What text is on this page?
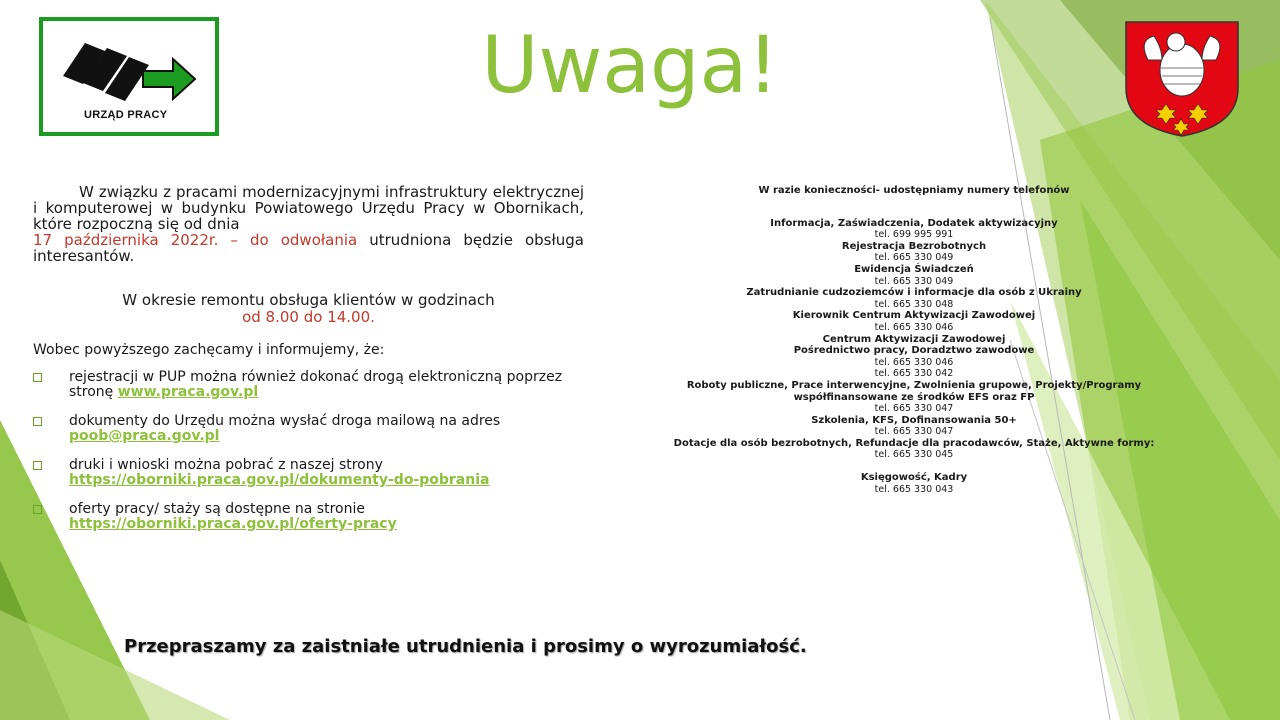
URZĄD PRACY
Uwaga!
W związku z pracami modernizacyjnymi infrastruktury elektrycznej i komputerowej w budynku Powiatowego Urzędu Pracy w Obornikach, które rozpoczną się od dnia
17 października 2022r. – do odwołania utrudniona będzie obsługa interesantów.
W okresie remontu obsługa klientów w godzinach
od 8.00 do 14.00.
Wobec powyższego zachęcamy i informujemy, że:
rejestracji w PUP można również dokonać drogą elektroniczną poprzez stronę www.praca.gov.pl
dokumenty do Urzędu można wysłać droga mailową na adres
poob@praca.gov.pl
druki i wnioski można pobrać z naszej strony
https://oborniki.praca.gov.pl/dokumenty-do-pobrania
oferty pracy/ staży są dostępne na stronie
https://oborniki.praca.gov.pl/oferty-pracy
W razie konieczności- udostępniamy numery telefonów
Informacja, Zaświadczenia, Dodatek aktywizacyjny
tel. 699 995 991
Rejestracja Bezrobotnych
tel. 665 330 049
Ewidencja Świadczeń
tel. 665 330 049
Zatrudnianie cudzoziemców i informacje dla osób z Ukrainy
tel. 665 330 048
Kierownik Centrum Aktywizacji Zawodowej
tel. 665 330 046
Centrum Aktywizacji Zawodowej
Pośrednictwo pracy, Doradztwo zawodowe
tel. 665 330 046
tel. 665 330 042
Roboty publiczne, Prace interwencyjne, Zwolnienia grupowe, Projekty/Programy
współfinansowane ze środków EFS oraz FP
tel. 665 330 047
Szkolenia, KFS, Dofinansowania 50+
tel. 665 330 047
Dotacje dla osób bezrobotnych, Refundacje dla pracodawców, Staże, Aktywne formy:
tel. 665 330 045
Księgowość, Kadry
tel. 665 330 043
Przepraszamy za zaistniałe utrudnienia i prosimy o wyrozumiałość.
